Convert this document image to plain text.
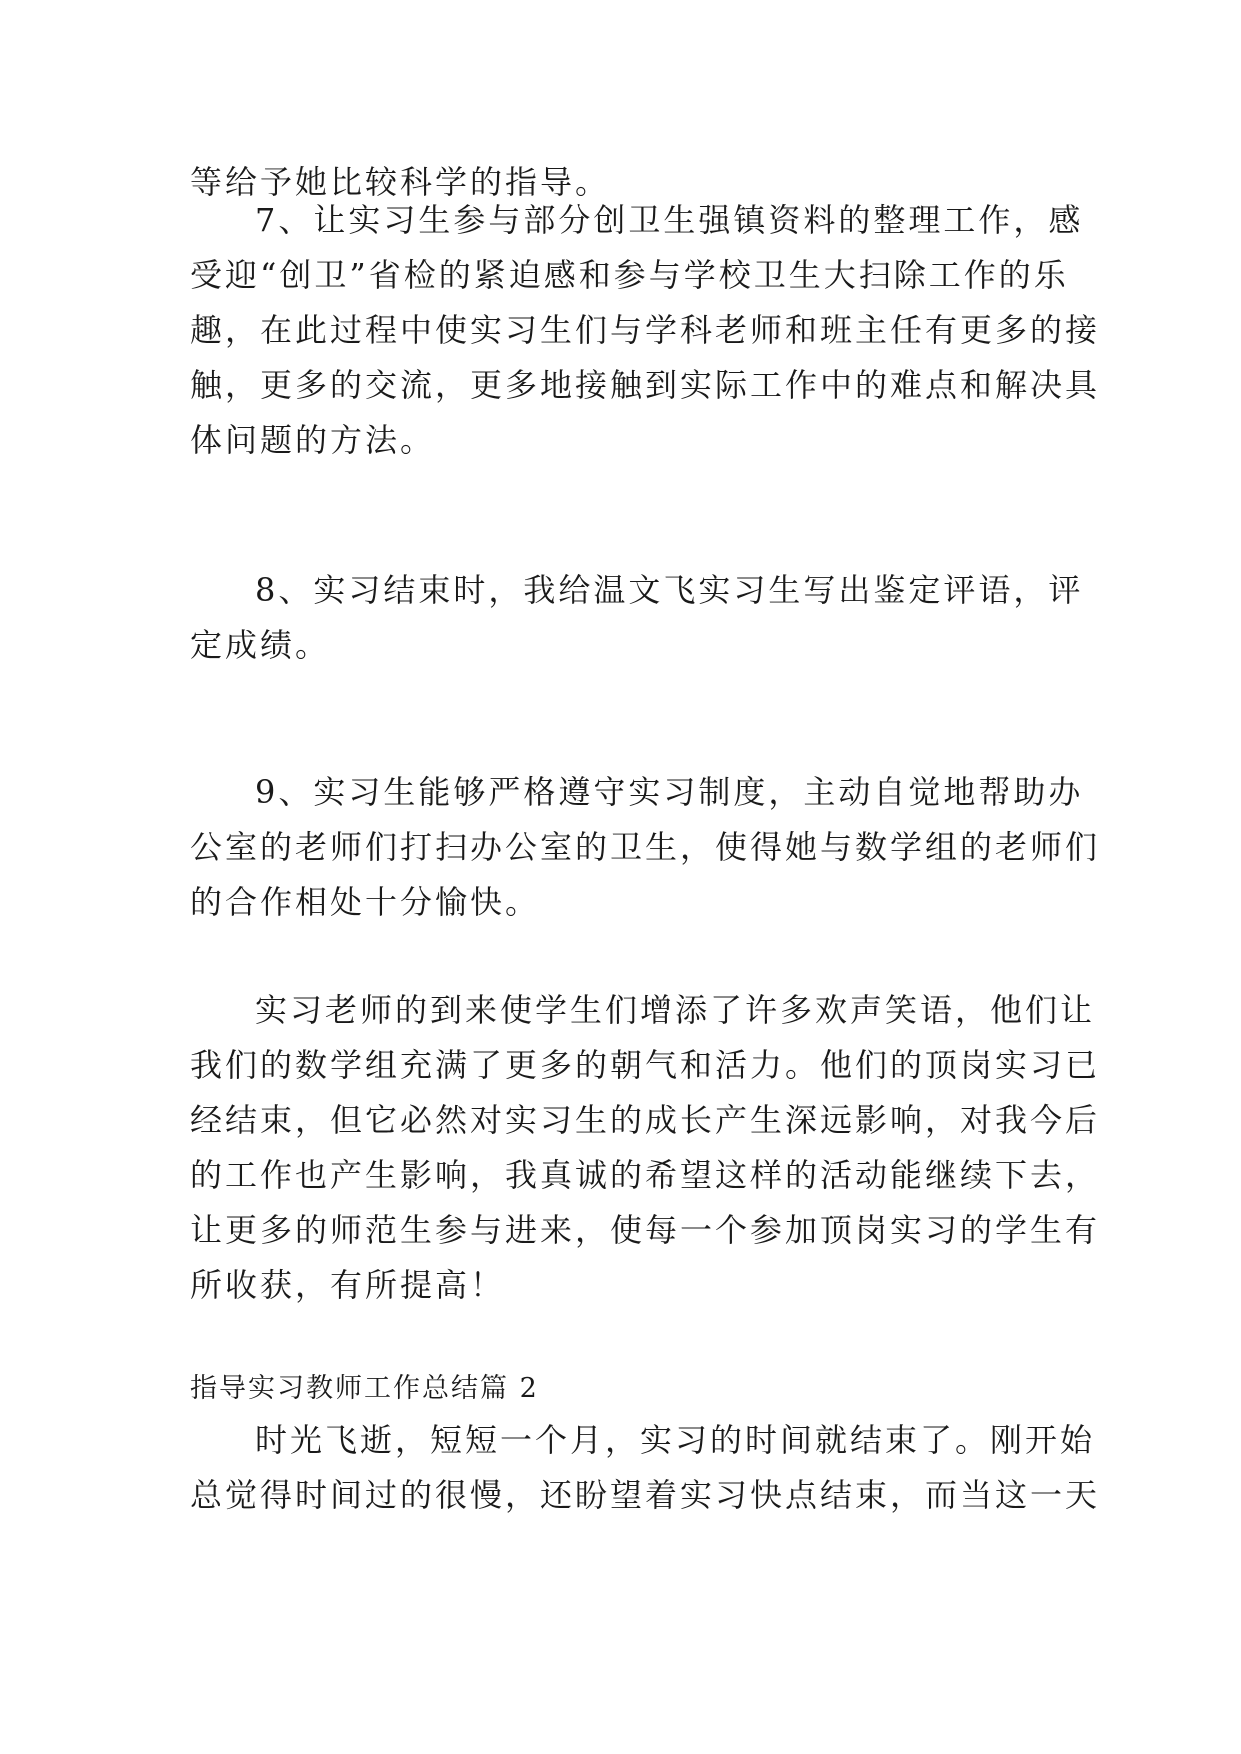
等给予她比较科学的指导。
7、让实习生参与部分创卫生强镇资料的整理工作，感
受迎“创卫”省检的紧迫感和参与学校卫生大扫除工作的乐
趣，在此过程中使实习生们与学科老师和班主任有更多的接
触，更多的交流，更多地接触到实际工作中的难点和解决具
体问题的方法。
8、实习结束时，我给温文飞实习生写出鉴定评语，评
定成绩。
9、实习生能够严格遵守实习制度，主动自觉地帮助办
公室的老师们打扫办公室的卫生，使得她与数学组的老师们
的合作相处十分愉快。
实习老师的到来使学生们增添了许多欢声笑语，他们让
我们的数学组充满了更多的朝气和活力。他们的顶岗实习已
经结束，但它必然对实习生的成长产生深远影响，对我今后
的工作也产生影响，我真诚的希望这样的活动能继续下去，
让更多的师范生参与进来，使每一个参加顶岗实习的学生有
所收获，有所提高！
指导实习教师工作总结篇 2
时光飞逝，短短一个月，实习的时间就结束了。刚开始
总觉得时间过的很慢，还盼望着实习快点结束，而当这一天
